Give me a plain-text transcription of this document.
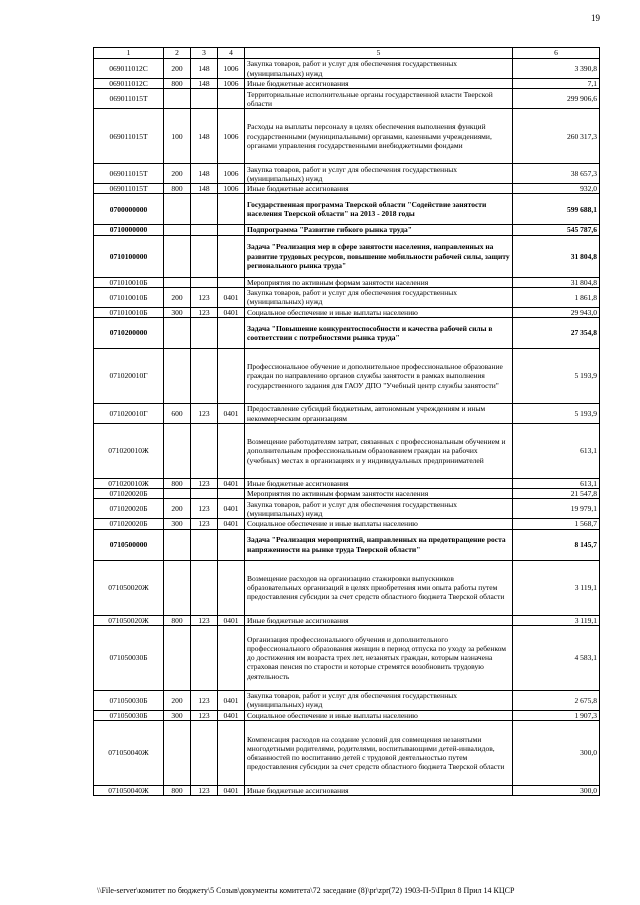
19
1	2	3	4	5	6
069011012С	200	148	1006	Закупка товаров, работ и услуг для обеспечения государственных (муниципальных) нужд	3 390,8
069011012С	800	148	1006	Иные бюджетные ассигнования	7,1
069011015Т				Территориальные исполнительные органы государственной власти Тверской области	299 906,6
069011015Т	100	148	1006	Расходы на выплаты персоналу в целях обеспечения выполнения функций государственными (муниципальными) органами, казенными учреждениями, органами управления государственными внебюджетными фондами	260 317,3
069011015Т	200	148	1006	Закупка товаров, работ и услуг для обеспечения государственных (муниципальных) нужд	38 657,3
069011015Т	800	148	1006	Иные бюджетные ассигнования	932,0
0700000000				Государственная программа Тверской области "Содействие занятости населения Тверской области" на 2013 - 2018 годы	599 688,1
0710000000				Подпрограмма "Развитие гибкого рынка труда"	545 787,6
0710100000				Задача "Реализация мер в сфере занятости населения, направленных на развитие трудовых ресурсов, повышение мобильности рабочей силы, защиту регионального рынка труда"	31 804,8
071010010Б				Мероприятия по активным формам занятости населения	31 804,8
071010010Б	200	123	0401	Закупка товаров, работ и услуг для обеспечения государственных (муниципальных) нужд	1 861,8
071010010Б	300	123	0401	Социальное обеспечение и иные выплаты населению	29 943,0
0710200000				Задача "Повышение конкурентоспособности и качества рабочей силы в соответствии с потребностями рынка труда"	27 354,8
071020010Г				Профессиональное обучение и дополнительное профессиональное образование граждан по направлению органов службы занятости в рамках выполнения государственного задания для ГАОУ ДПО "Учебный центр службы занятости"	5 193,9
071020010Г	600	123	0401	Предоставление субсидий бюджетным, автономным учреждениям и иным некоммерческим организациям	5 193,9
071020010Ж				Возмещение работодателям затрат, связанных с профессиональным обучением и дополнительным профессиональным образованием граждан на рабочих (учебных) местах в организациях и у индивидуальных предпринимателей	613,1
071020010Ж	800	123	0401	Иные бюджетные ассигнования	613,1
071020020Б				Мероприятия по активным формам занятости населения	21 547,8
071020020Б	200	123	0401	Закупка товаров, работ и услуг для обеспечения государственных (муниципальных) нужд	19 979,1
071020020Б	300	123	0401	Социальное обеспечение и иные выплаты населению	1 568,7
0710500000				Задача "Реализация мероприятий, направленных на предотвращение роста напряженности на рынке труда Тверской области"	8 145,7
071050020Ж				Возмещение расходов на организацию стажировки выпускников образовательных организаций в целях приобретения ими опыта работы путем предоставления субсидии за счет средств областного бюджета Тверской области	3 119,1
071050020Ж	800	123	0401	Иные бюджетные ассигнования	3 119,1
071050030Б				Организация профессионального обучения и дополнительного профессионального образования женщин в период отпуска по уходу за ребенком до достижения им возраста трех лет, незанятых граждан, которым назначена страховая пенсия по старости и которые стремятся возобновить трудовую деятельность	4 583,1
071050030Б	200	123	0401	Закупка товаров, работ и услуг для обеспечения государственных (муниципальных) нужд	2 675,8
071050030Б	300	123	0401	Социальное обеспечение и иные выплаты населению	1 907,3
071050040Ж				Компенсация расходов на создание условий для совмещения незанятыми многодетными родителями, родителями, воспитывающими детей-инвалидов, обязанностей по воспитанию детей с трудовой деятельностью путем предоставления субсидии за счет средств областного бюджета Тверской области	300,0
071050040Ж	800	123	0401	Иные бюджетные ассигнования	300,0
\\File-server\комитет по бюджету\5 Созыв\документы комитета\72 заседание (8)\pr\zpr(72) 1903-П-5\Прил 8 Прил 14 КЦСР
